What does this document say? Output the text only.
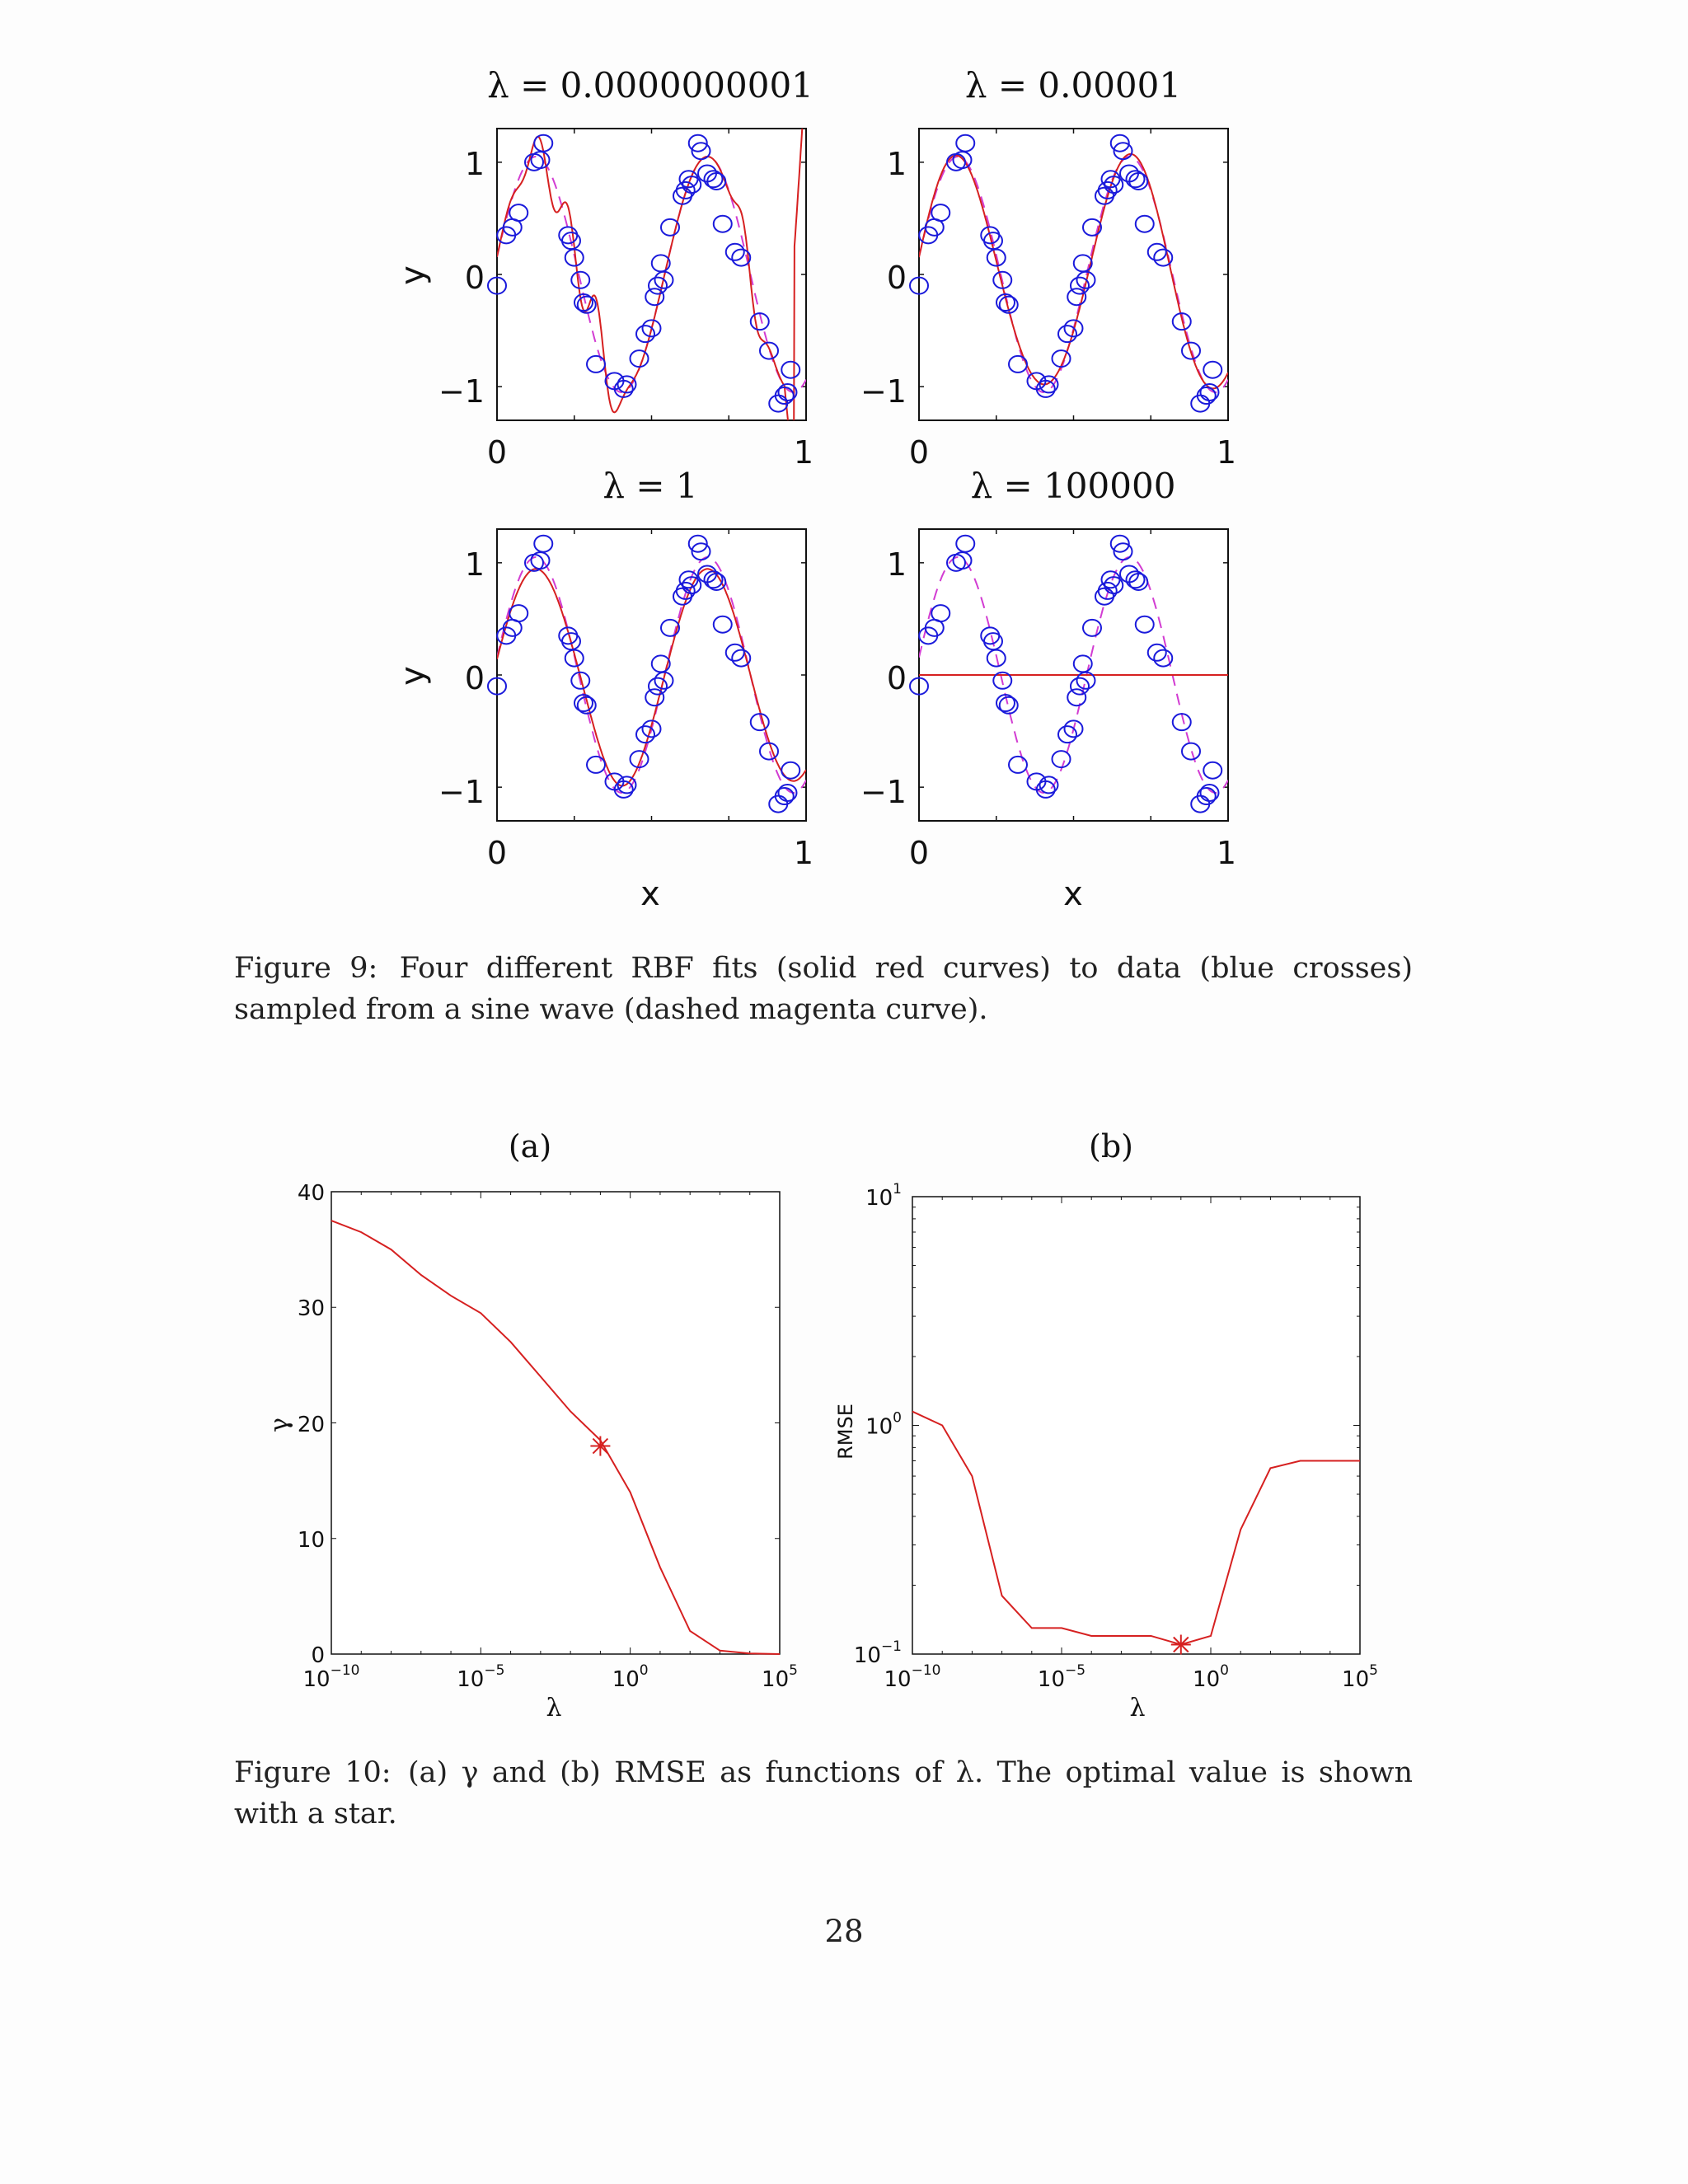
λ = 0.0000000001	λ = 0.00001
λ = 1	λ = 100000
y
y
x	x
1
0
−1
0	1
1
0
−1
0	1
1
0
−1
0	1
1
0
−1
0	1
(a)	(b)
λ	λ
γ	RMSE
40
30
20
10
0
$10^{-10}$	$10^{-5}$	$10^0$	$10^5$	$10^{-10}$	$10^{-5}$	$10^0$	$10^5$
$10^1$
$10^0$
$10^{-1}$
Figure 9: Four different RBF fits (solid red curves) to data (blue crosses) sampled from a sine wave (dashed magenta curve).
Figure 10: (a) γ and (b) RMSE as functions of λ. The optimal value is shown with a star.
28
